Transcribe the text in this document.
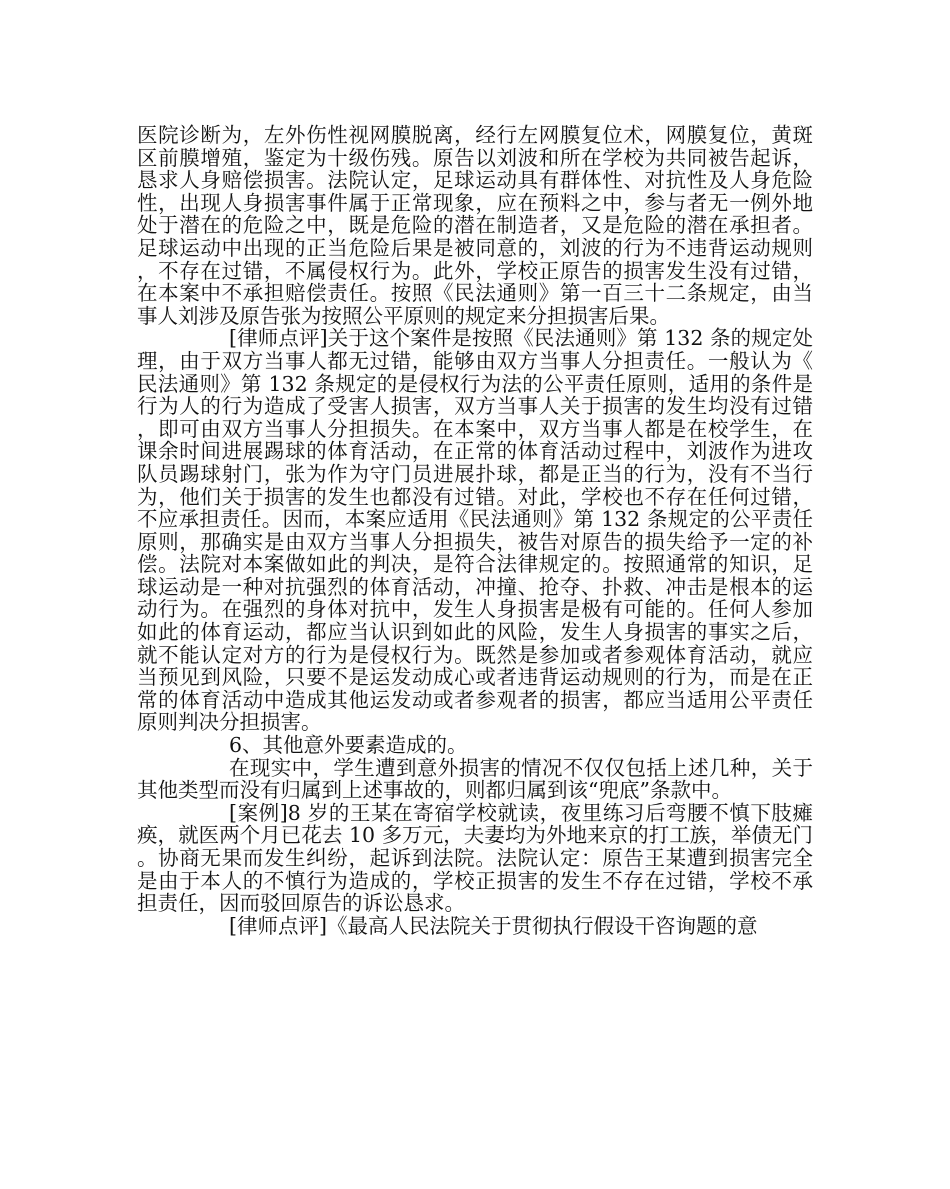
医院诊断为，左外伤性视网膜脱离，经行左网膜复位术，网膜复位，黄斑区前膜增殖，鉴定为十级伤残。原告以刘波和所在学校为共同被告起诉，恳求人身赔偿损害。法院认定，足球运动具有群体性、对抗性及人身危险性，出现人身损害事件属于正常现象，应在预料之中，参与者无一例外地处于潜在的危险之中，既是危险的潜在制造者，又是危险的潜在承担者。足球运动中出现的正当危险后果是被同意的，刘波的行为不违背运动规则，不存在过错，不属侵权行为。此外，学校正原告的损害发生没有过错，在本案中不承担赔偿责任。按照《民法通则》第一百三十二条规定，由当事人刘涉及原告张为按照公平原则的规定来分担损害后果。

[律师点评]关于这个案件是按照《民法通则》第 132 条的规定处理，由于双方当事人都无过错，能够由双方当事人分担责任。一般认为《民法通则》第 132 条规定的是侵权行为法的公平责任原则，适用的条件是行为人的行为造成了受害人损害，双方当事人关于损害的发生均没有过错，即可由双方当事人分担损失。在本案中，双方当事人都是在校学生，在课余时间进展踢球的体育活动，在正常的体育活动过程中，刘波作为进攻队员踢球射门，张为作为守门员进展扑球，都是正当的行为，没有不当行为，他们关于损害的发生也都没有过错。对此，学校也不存在任何过错，不应承担责任。因而，本案应适用《民法通则》第 132 条规定的公平责任原则，那确实是由双方当事人分担损失，被告对原告的损失给予一定的补偿。法院对本案做如此的判决，是符合法律规定的。按照通常的知识，足球运动是一种对抗强烈的体育活动，冲撞、抢夺、扑救、冲击是根本的运动行为。在强烈的身体对抗中，发生人身损害是极有可能的。任何人参加如此的体育运动，都应当认识到如此的风险，发生人身损害的事实之后，就不能认定对方的行为是侵权行为。既然是参加或者参观体育活动，就应当预见到风险，只要不是运发动成心或者违背运动规则的行为，而是在正常的体育活动中造成其他运发动或者参观者的损害，都应当适用公平责任原则判决分担损害。

6、其他意外要素造成的。

在现实中，学生遭到意外损害的情况不仅仅包括上述几种，关于其他类型而没有归属到上述事故的，则都归属到该“兜底”条款中。

[案例]8 岁的王某在寄宿学校就读，夜里练习后弯腰不慎下肢瘫痪，就医两个月已花去 10 多万元，夫妻均为外地来京的打工族，举债无门。协商无果而发生纠纷，起诉到法院。法院认定：原告王某遭到损害完全是由于本人的不慎行为造成的，学校正损害的发生不存在过错，学校不承担责任，因而驳回原告的诉讼恳求。

[律师点评]《最高人民法院关于贯彻执行假设干咨询题的意
